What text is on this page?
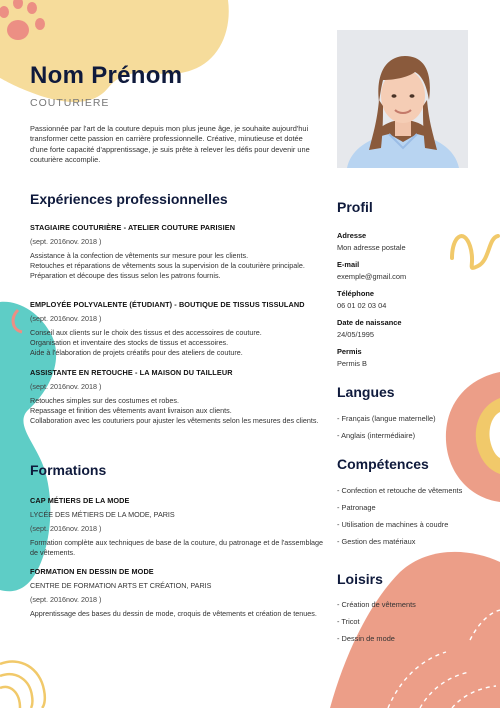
Nom Prénom
COUTURIERE
Passionnée par l'art de la couture depuis mon plus jeune âge, je souhaite aujourd'hui transformer cette passion en carrière professionnelle. Créative, minutieuse et dotée d'une forte capacité d'apprentissage, je suis prête à relever les défis pour devenir une couturière accomplie.
Expériences professionnelles
STAGIAIRE COUTURIÈRE - ATELIER COUTURE PARISIEN
(sept. 2016nov. 2018 )
Assistance à la confection de vêtements sur mesure pour les clients.
Retouches et réparations de vêtements sous la supervision de la couturière principale.
Préparation et découpe des tissus selon les patrons fournis.
EMPLOYÉE POLYVALENTE (ÉTUDIANT) - BOUTIQUE DE TISSUS TISSULAND
(sept. 2016nov. 2018 )
Conseil aux clients sur le choix des tissus et des accessoires de couture.
Organisation et inventaire des stocks de tissus et accessoires.
Aide à l'élaboration de projets créatifs pour des ateliers de couture.
ASSISTANTE EN RETOUCHE - LA MAISON DU TAILLEUR
(sept. 2016nov. 2018 )
Retouches simples sur des costumes et robes.
Repassage et finition des vêtements avant livraison aux clients.
Collaboration avec les couturiers pour ajuster les vêtements selon les mesures des clients.
Formations
CAP MÉTIERS DE LA MODE
LYCÉE DES MÉTIERS DE LA MODE, PARIS
(sept. 2016nov. 2018 )
Formation complète aux techniques de base de la couture, du patronage et de l'assemblage de vêtements.
FORMATION EN DESSIN DE MODE
CENTRE DE FORMATION ARTS ET CRÉATION, PARIS
(sept. 2016nov. 2018 )
Apprentissage des bases du dessin de mode, croquis de vêtements et création de tenues.
Profil
Adresse
Mon adresse postale
E-mail
exemple@gmail.com
Téléphone
06 01 02 03 04
Date de naissance
24/05/1995
Permis
Permis B
Langues
- Français (langue maternelle)
- Anglais (intermédiaire)
Compétences
- Confection et retouche de vêtements
- Patronage
- Utilisation de machines à coudre
- Gestion des matériaux
Loisirs
- Création de vêtements
- Tricot
- Dessin de mode
